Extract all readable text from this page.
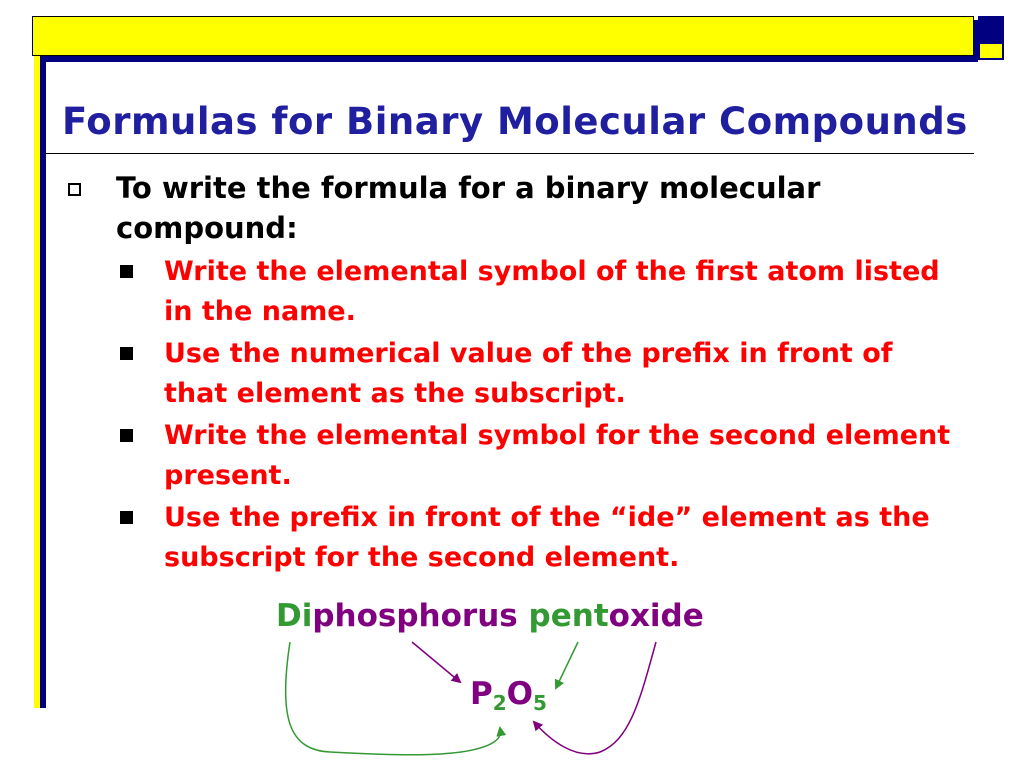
Formulas for Binary Molecular Compounds
To write the formula for a binary molecular compound:
Write the elemental symbol of the first atom listed in the name.
Use the numerical value of the prefix in front of that element as the subscript.
Write the elemental symbol for the second element present.
Use the prefix in front of the “ide” element as the subscript for the second element.
Diphosphorus pentoxide
$P_2O_5$
